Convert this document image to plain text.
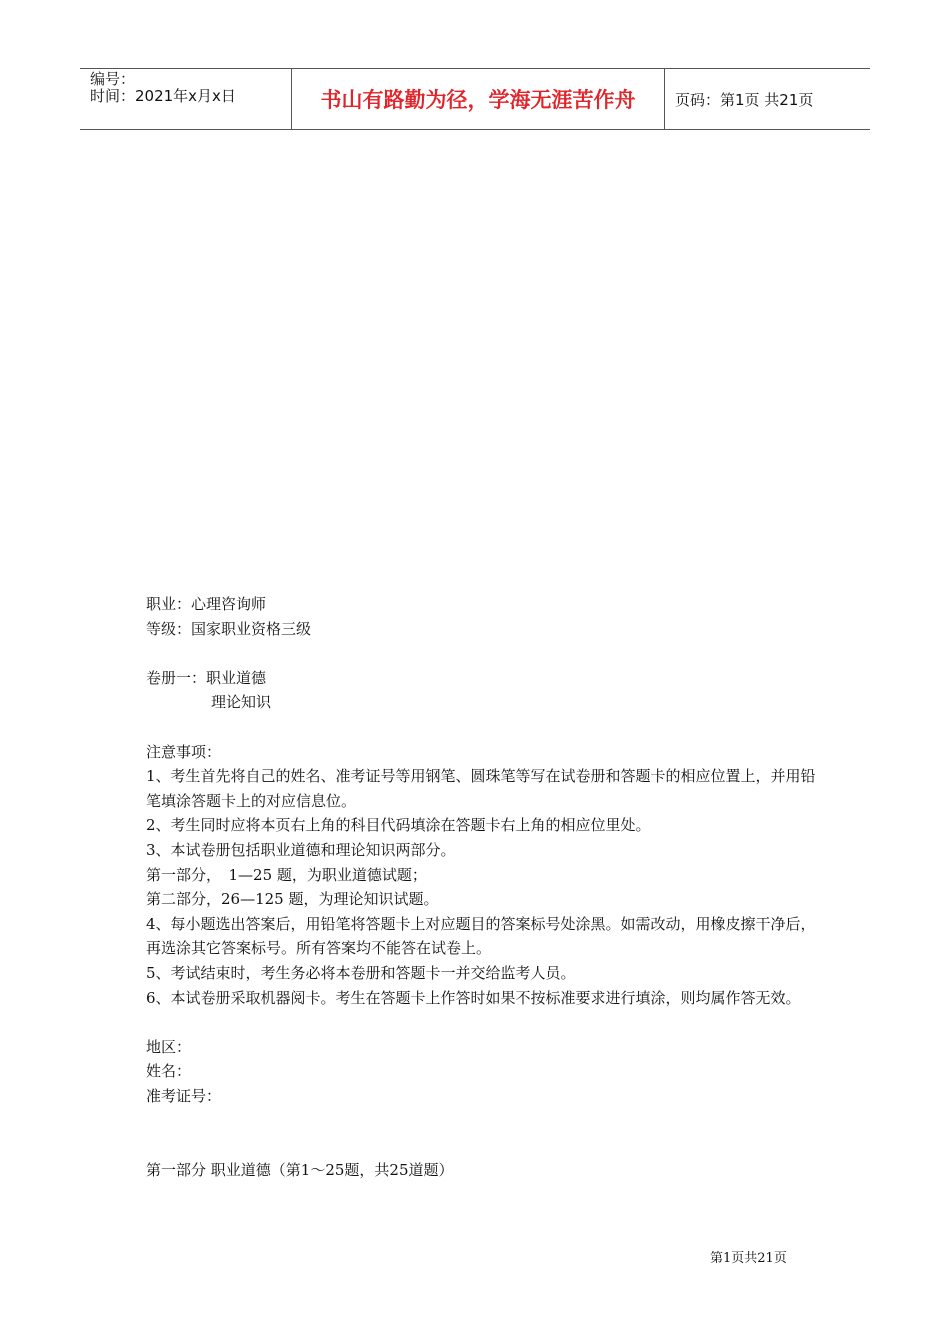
编号：
时间：2021年x月x日	书山有路勤为径，学海无涯苦作舟	页码：第1页 共21页

职业：心理咨询师

等级：国家职业资格三级

卷册一：职业道德

理论知识

注意事项：

1、考生首先将自己的姓名、准考证号等用钢笔、圆珠笔等写在试卷册和答题卡的相应位置上，并用铅笔填涂答题卡上的对应信息位。

2、考生同时应将本页右上角的科目代码填涂在答题卡右上角的相应位里处。

3、本试卷册包括职业道德和理论知识两部分。

第一部分，　1—25 题，为职业道德试题；

第二部分，26—125 题，为理论知识试题。

4、每小题选出答案后，用铅笔将答题卡上对应题目的答案标号处涂黑。如需改动，用橡皮擦干净后，再选涂其它答案标号。所有答案均不能答在试卷上。

5、考试结束时，考生务必将本卷册和答题卡一并交给监考人员。

6、本试卷册采取机器阅卡。考生在答题卡上作答时如果不按标准要求进行填涂，则均属作答无效。

地区：

姓名：

准考证号：

第一部分 职业道德（第1～25题，共25道题）

第1页共21页
